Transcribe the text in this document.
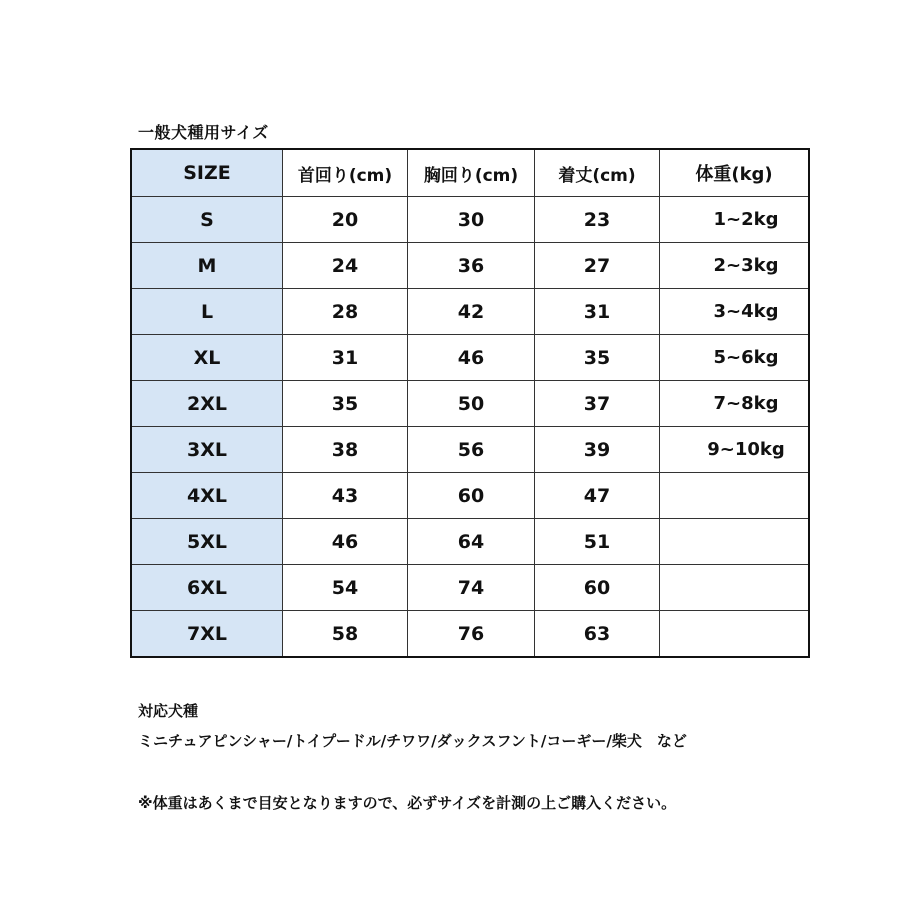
一般犬種用サイズ
SIZE	首回り(cm)	胸回り(cm)	着丈(cm)	体重(kg)
S	20	30	23	1~2kg
M	24	36	27	2~3kg
L	28	42	31	3~4kg
XL	31	46	35	5~6kg
2XL	35	50	37	7~8kg
3XL	38	56	39	9~10kg
4XL	43	60	47	
5XL	46	64	51	
6XL	54	74	60	
7XL	58	76	63	
対応犬種
ミニチュアピンシャー/トイプードル/チワワ/ダックスフント/コーギー/柴犬　など
※体重はあくまで目安となりますので、必ずサイズを計測の上ご購入ください。
